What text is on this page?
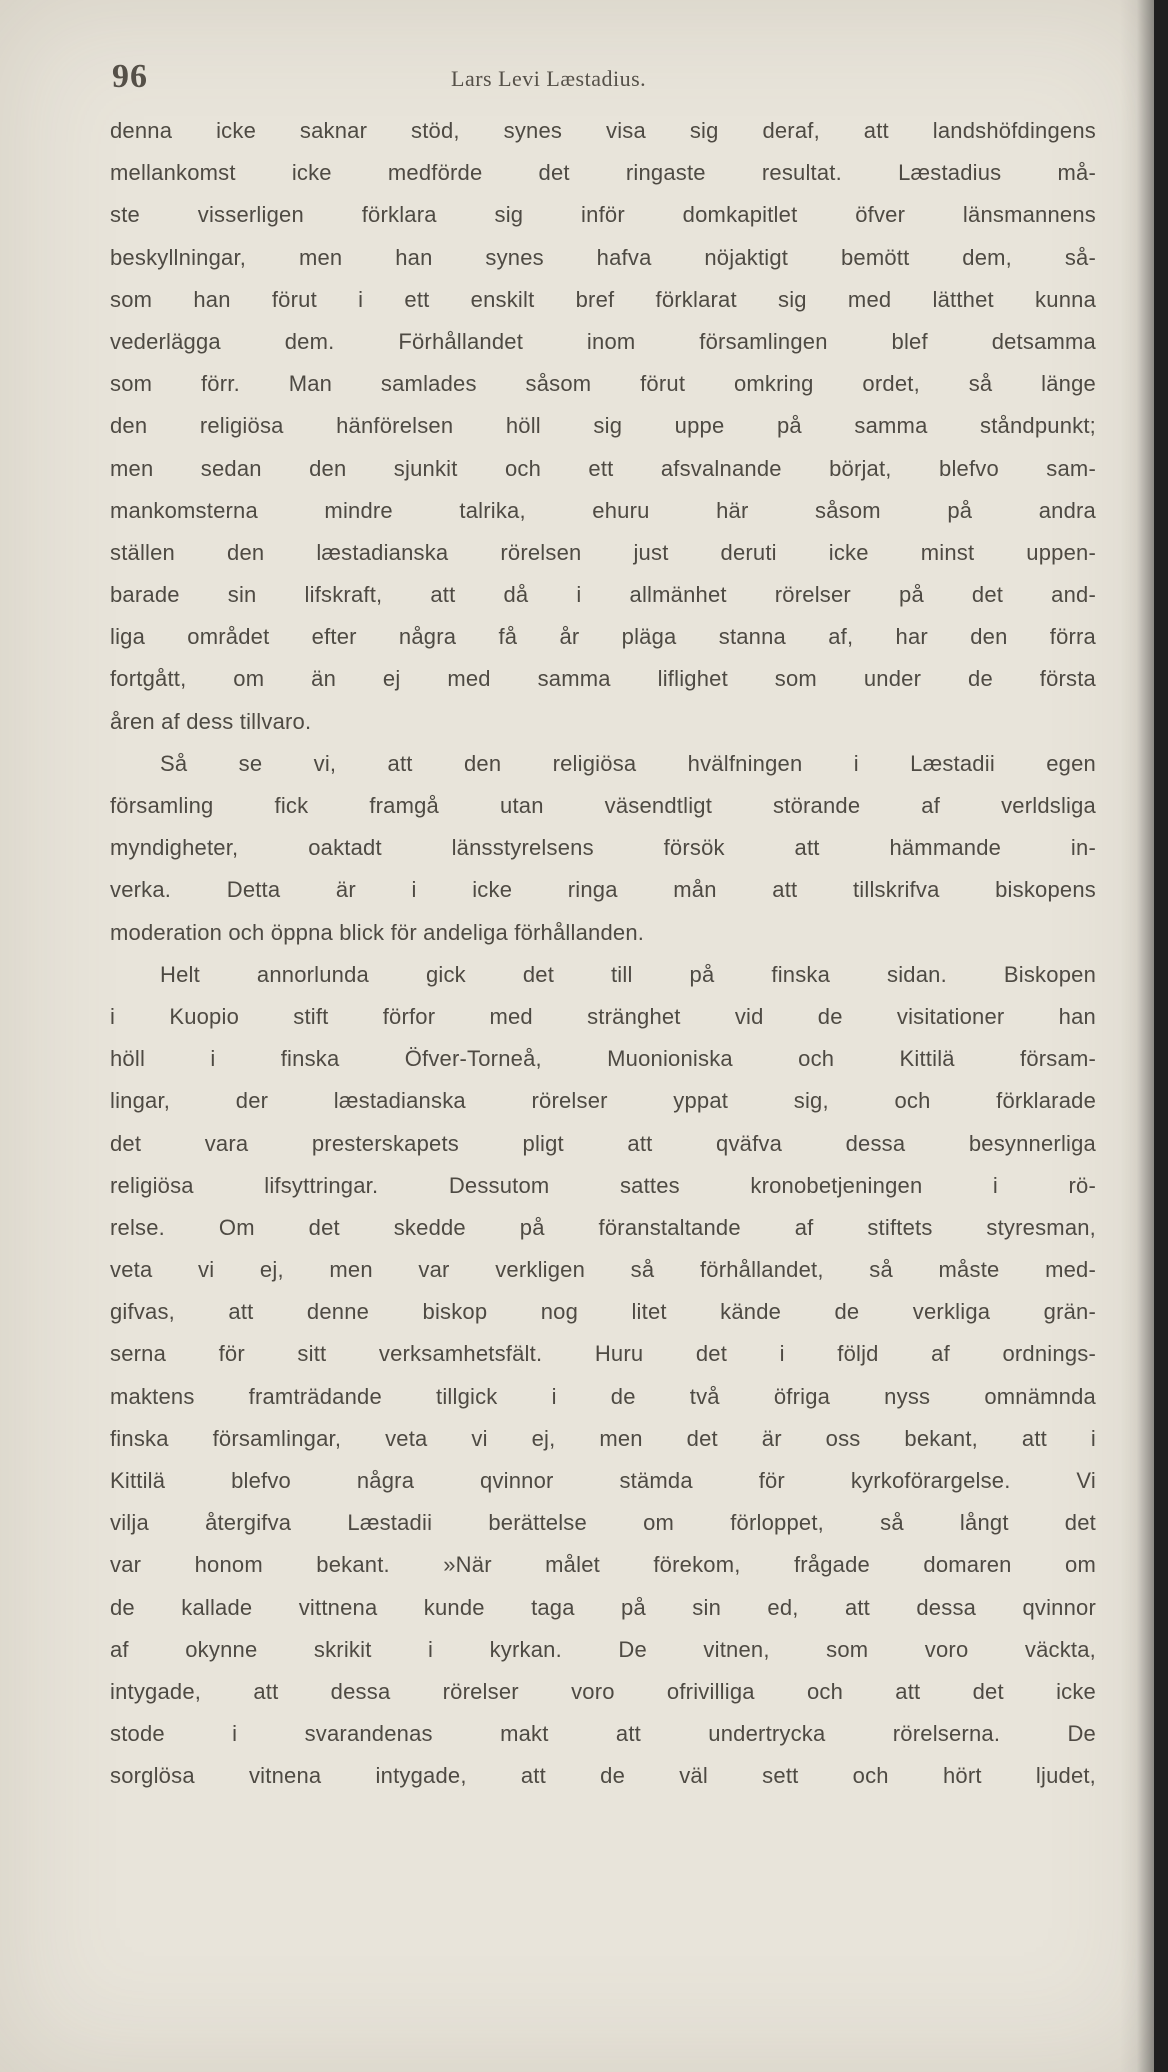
96	Lars Levi Læstadius.
denna icke saknar stöd, synes visa sig deraf, att landshöfdingens
mellankomst icke medförde det ringaste resultat. Læstadius må-
ste visserligen förklara sig inför domkapitlet öfver länsmannens
beskyllningar, men han synes hafva nöjaktigt bemött dem, så-
som han förut i ett enskilt bref förklarat sig med lätthet kunna
vederlägga dem. Förhållandet inom församlingen blef detsamma
som förr. Man samlades såsom förut omkring ordet, så länge
den religiösa hänförelsen höll sig uppe på samma ståndpunkt;
men sedan den sjunkit och ett afsvalnande börjat, blefvo sam-
mankomsterna mindre talrika, ehuru här såsom på andra
ställen den læstadianska rörelsen just deruti icke minst uppen-
barade sin lifskraft, att då i allmänhet rörelser på det and-
liga området efter några få år pläga stanna af, har den förra
fortgått, om än ej med samma liflighet som under de första
åren af dess tillvaro.
Så se vi, att den religiösa hvälfningen i Læstadii egen
församling fick framgå utan väsendtligt störande af verldsliga
myndigheter, oaktadt länsstyrelsens försök att hämmande in-
verka. Detta är i icke ringa mån att tillskrifva biskopens
moderation och öppna blick för andeliga förhållanden.
Helt annorlunda gick det till på finska sidan. Biskopen
i Kuopio stift förfor med stränghet vid de visitationer han
höll i finska Öfver-Torneå, Muonioniska och Kittilä försam-
lingar, der læstadianska rörelser yppat sig, och förklarade
det vara presterskapets pligt att qväfva dessa besynnerliga
religiösa lifsyttringar. Dessutom sattes kronobetjeningen i rö-
relse. Om det skedde på föranstaltande af stiftets styresman,
veta vi ej, men var verkligen så förhållandet, så måste med-
gifvas, att denne biskop nog litet kände de verkliga grän-
serna för sitt verksamhetsfält. Huru det i följd af ordnings-
maktens framträdande tillgick i de två öfriga nyss omnämnda
finska församlingar, veta vi ej, men det är oss bekant, att i
Kittilä blefvo några qvinnor stämda för kyrkoförargelse. Vi
vilja återgifva Læstadii berättelse om förloppet, så långt det
var honom bekant. »När målet förekom, frågade domaren om
de kallade vittnena kunde taga på sin ed, att dessa qvinnor
af okynne skrikit i kyrkan. De vitnen, som voro väckta,
intygade, att dessa rörelser voro ofrivilliga och att det icke
stode i svarandenas makt att undertrycka rörelserna. De
sorglösa vitnena intygade, att de väl sett och hört ljudet,
